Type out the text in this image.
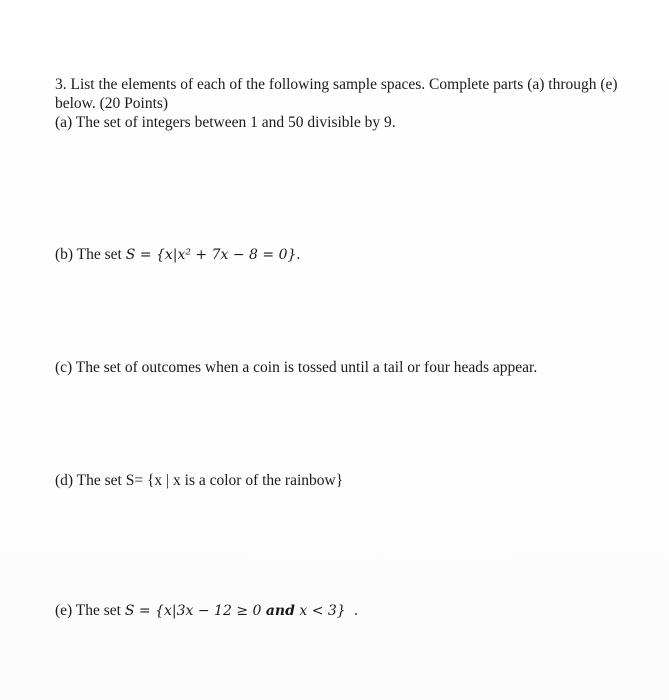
3. List the elements of each of the following sample spaces. Complete parts (a) through (e)
below. (20 Points)
(a) The set of integers between 1 and 50 divisible by 9.
(b) The set S = {x|x² + 7x − 8 = 0}.
(c) The set of outcomes when a coin is tossed until a tail or four heads appear.
(d) The set S= {x | x is a color of the rainbow}
(e) The set S = {x|3x − 12 ≥ 0 and x < 3} .
